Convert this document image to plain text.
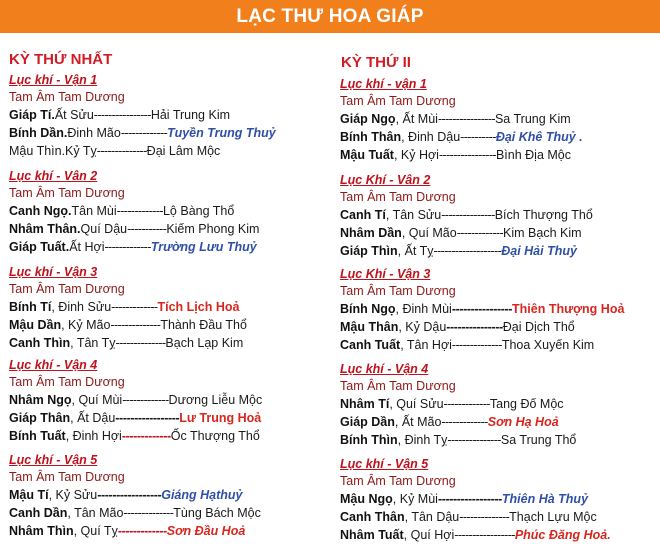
LẠC THƯ HOA GIÁP
KỲ THỨ NHẤT
Lục khí - Vận 1
Tam Âm Tam Dương
Giáp Tí. Ất Sửu ---------------- Hải Trung Kim
Bính Dần. Đinh Mão ------------- Tuyền Trung Thuỷ
Mậu Thìn.Kỷ Tỵ -------------- Đại Lâm Mộc
Lục khí - Vân 2
Tam Âm Tam Dương
Canh Ngọ. Tân Mùi ------------- Lộ Bàng Thổ
Nhâm Thân. Quí Dậu ----------- Kiếm Phong Kim
Giáp Tuất. Ất Hợi ------------- Trường Lưu Thuỷ
Lục khí - Vận 3
Tam Âm Tam Dương
Bính Tí , Đinh Sửu ------------- Tích Lịch Hoả
Mậu Dần , Kỷ Mão -------------- Thành Đầu Thổ
Canh Thìn , Tân Tỵ -------------- Bạch Lạp Kim
Lục khí - Vận 4
Tam Âm Tam Dương
Nhâm Ngọ , Quí Mùi ------------- Dương Liễu Mộc
Giáp Thân , Ất Dậu ----------------- Lư Trung Hoả
Bính Tuất , Đinh Hợi ------------- Ốc Thượng Thổ
Lục khí - Vận 5
Tam Âm Tam Dương
Mậu Tí , Kỷ Sửu ----------------- Giáng Hạthuỷ
Canh Dần , Tân Mão -------------- Tùng Bách Mộc
Nhâm Thìn , Quí Tỵ ------------- Sơn Đầu Hoả
KỲ THỨ II
Lục khí - vận 1
Tam Âm Tam Dương
Giáp Ngọ , Ất Mùi ---------------- Sa Trung Kim
Bính Thân , Đinh Dậu ---------- Đại Khê Thuỷ .
Mậu Tuất , Kỷ Hợi ---------------- Bình Địa Mộc
Lục Khí - Vân 2
Tam Âm Tam Dương
Canh Tí , Tân Sửu --------------- Bích Thượng Thổ
Nhâm Dần , Quí Mão ------------- Kim Bạch Kim
Giáp Thìn , Ất Tỵ ------------------- Đại Hải Thuỷ
Lục Khí - Vận 3
Tam Âm Tam Dương
Bính Ngọ , Đinh Mùi ---------------- Thiên Thượng Hoả
Mậu Thân , Kỷ Dậu --------------- Đại Dịch Thổ
Canh Tuất , Tân Hợi -------------- Thoa Xuyến Kim
Lục khí - Vận 4
Tam Âm Tam Dương
Nhâm Tí , Quí Sửu ------------- Tang Đố Mộc
Giáp Dần , Ất Mão ------------- Sơn Hạ Hoả
Bính Thìn , Đinh Tỵ --------------- Sa Trung Thổ
Lục khí - Vận 5
Tam Âm Tam Dương
Mậu Ngọ , Kỷ Mùi ----------------- Thiên Hà Thuỷ
Canh Thân , Tân Dậu -------------- Thạch Lựu Mộc
Nhâm Tuất , Quí Hợi ----------------- Phúc Đăng Hoả.
